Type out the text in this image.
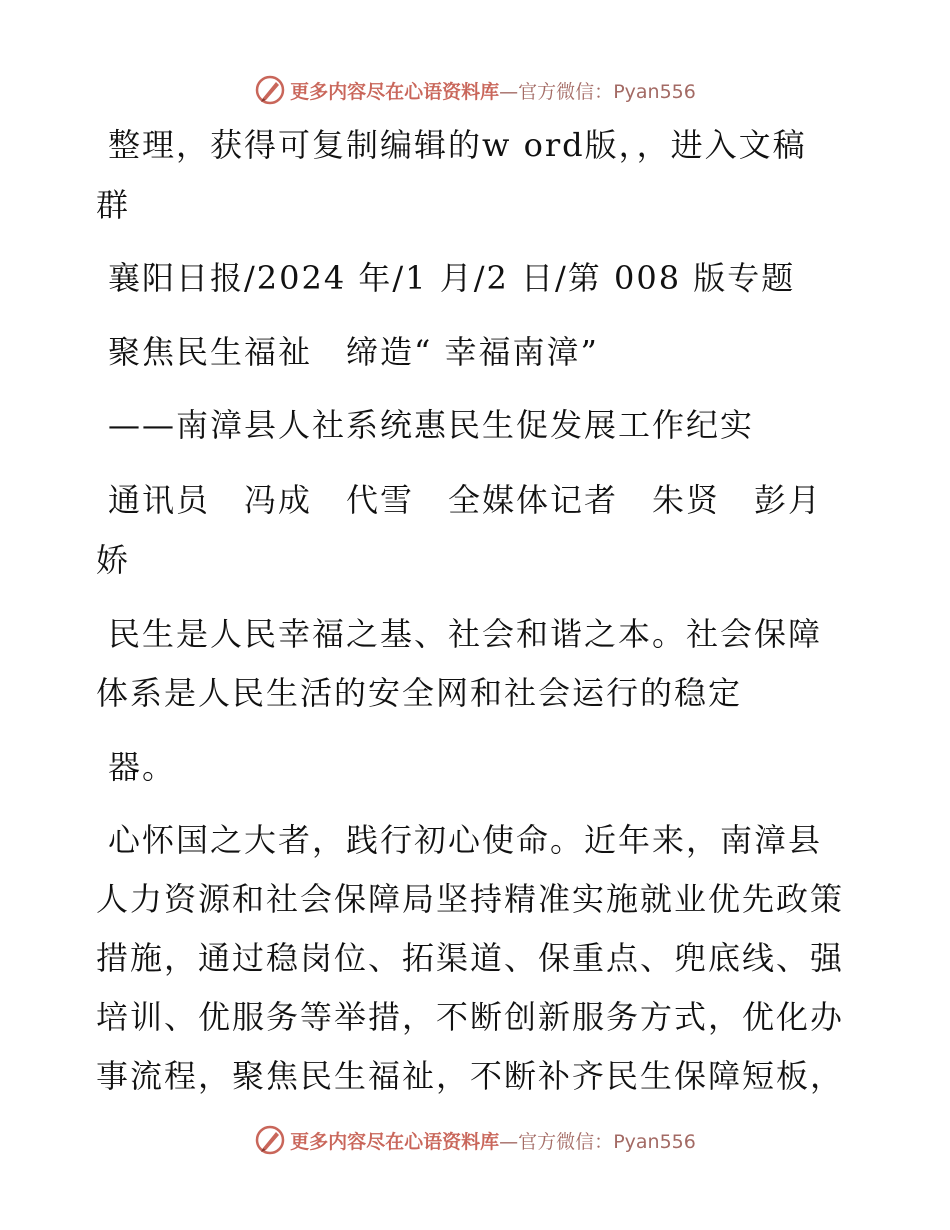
更多内容尽在心语资料库—官方微信：Pyan556
整理，获得可复制编辑的w ord版，，进入文稿
群
襄阳日报/2024 年/1 月/2 日/第 008 版专题
聚焦民生福祉　缔造“ 幸福南漳”
——南漳县人社系统惠民生促发展工作纪实
通讯员　冯成　代雪　全媒体记者　朱贤　彭月
娇
民生是人民幸福之基、社会和谐之本。社会保障
体系是人民生活的安全网和社会运行的稳定
器。
心怀国之大者，践行初心使命。近年来，南漳县
人力资源和社会保障局坚持精准实施就业优先政策
措施，通过稳岗位、拓渠道、保重点、兜底线、强
培训、优服务等举措，不断创新服务方式，优化办
事流程，聚焦民生福祉，不断补齐民生保障短板，
更多内容尽在心语资料库—官方微信：Pyan556
